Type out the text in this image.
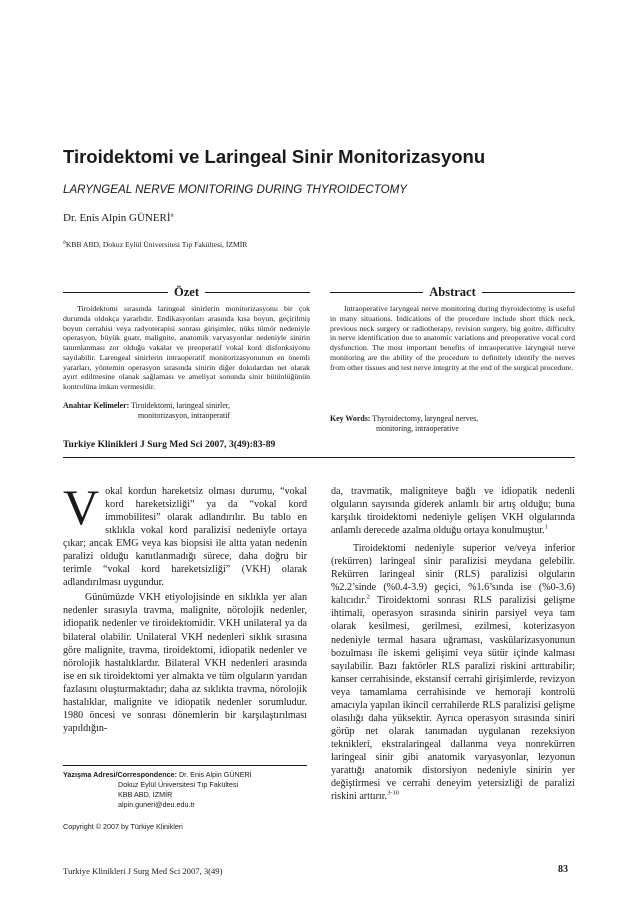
Tiroidektomi ve Laringeal Sinir Monitorizasyonu
LARYNGEAL NERVE MONITORING DURING THYROIDECTOMY
Dr. Enis Alpin GÜNERİ$^a$
aKBB ABD, Dokuz Eylül Üniversitesi Tıp Fakültesi, İZMİR
Özet
Tiroidektomi sırasında laringeal sinirlerin monitorizasyonu bir çok durumda oldukça yararlıdır. Endikasyonları arasında kısa boyun, geçirilmiş boyun cerrahisi veya radyoterapisi sonrası girişimler, nüks tümör nedeniyle operasyon, büyük guatr, malignite, anatomik varyasyonlar nedeniyle sinirin tanımlanması zor olduğu vakalar ve preoperatif vokal kord disfonksiyonu sayılabilir. Larengeal sinirlerin intraoperatif monitorizasyonunun en önemli yararları, yöntemin operasyon sırasında sinirin diğer dokulardan net olarak ayırt edilmesine olanak sağlaması ve ameliyat sonunda sinir bütünlüğünün kontrolüna imkan vermesidir.
Anahtar Kelimeler: Tiroidektomi, laringeal sinirler,
monitorizasyon, intraoperatif
Abstract
Intraoperative laryngeal nerve monitoring during thyroidectomy is useful in many situations. Indications of the procedure include short thick neck, previous neck surgery or radiotherapy, revision surgery, big goitre, difficulty in nerve identification due to anatomic variations and preoperative vocal cord dysfunction. The most important benefits of intraoperative laryngeal nerve monitoring are the ability of the procedure to definitely identify the nerves from other tissues and test nerve integrity at the end of the surgical procedure.
Key Words: Thyroidectomy, laryngeal nerves,
monitoring, intraoperative
Turkiye Klinikleri J Surg Med Sci 2007, 3(49):83-89

Vokal kordun hareketsiz olması durumu, “vokal kord hareketsizliği” ya da “vokal kord immobilitesi” olarak adlandırılır. Bu tablo en sıklıkla vokal kord paralizisi nedeniyle ortaya çıkar; ancak EMG veya kas biopsisi ile altta yatan nedenin paralizi olduğu kanıtlanmadığı sürece, daha doğru bir terimle “vokal kord hareketsizliği” (VKH) olarak adlandırılması uygundur.

Günümüzde VKH etiyolojisinde en sıklıkla yer alan nedenler sırasıyla travma, malignite, nörolojik nedenler, idiopatik nedenler ve tiroidektomidir. VKH unilateral ya da bilateral olabilir. Unilateral VKH nedenleri sıklık sırasına göre malignite, travma, tiroidektomi, idiopatik nedenler ve nörolojik hastalıklardır. Bilateral VKH nedenleri arasında ise en sık tiroidektomi yer almakta ve tüm olguların yarıdan fazlasını oluşturmaktadır; daha az sıklıkta travma, nörolojik hastalıklar, malignite ve idiopatik nedenler sorumludur. 1980 öncesi ve sonrası dönemlerin bir karşılaştırılması yapıldığın-

Yazışma Adresi/Correspondence: Dr. Enis Alpin GÜNERİ
Dokuz Eylül Üniversitesi Tıp Fakültesi
KBB ABD, İZMİR
alpin.guneri@deu.edu.tr
Copyright © 2007 by Türkiye Klinikleri

da, travmatik, maligniteye bağlı ve idiopatik nedenli olguların sayısında giderek anlamlı bir artış olduğu; buna karşılık tiroidektomi nedeniyle gelişen VKH olgularında anlamlı derecede azalma olduğu ortaya konulmuştur.$^1$

Tiroidektomi nedeniyle superior ve/veya inferior (rekürren) laringeal sinir paralizisi meydana gelebilir. Rekürren laringeal sinir (RLS) paralizisi olguların %2.2’sinde (%0.4-3.9) geçici, %1.6’sında ise (%0-3.6) kalıcıdır.$^2$ Tiroidektomi sonrası RLS paralizisi gelişme ihtimali, operasyon sırasında sinirin parsiyel veya tam olarak kesilmesi, gerilmesi, ezilmesi, koterizasyon nedeniyle termal hasara uğraması, vaskülarizasyonunun bozulması ile iskemi gelişimi veya sütür içinde kalması sayılabilir. Bazı faktörler RLS paralizi riskini arttırabilir; kanser cerrahisinde, ekstansif cerrahi girişimlerde, revizyon veya tamamlama cerrahisinde ve hemoraji kontrolü amacıyla yapılan ikincil cerrahilerde RLS paralizisi gelişme olasılığı daha yüksektir. Ayrıca operasyon sırasında siniri görüp net olarak tanımadan uygulanan rezeksiyon teknikleri, ekstralaringeal dallanma veya nonrekürren laringeal sinir gibi anatomik varyasyonlar, lezyonun yarattığı anatomik distorsiyon nedeniyle sinirin yer değiştirmesi ve cerrahi deneyim yetersizliği de paralizi riskini arttırır.$^{3-10}$

Turkiye Klinikleri J Surg Med Sci 2007, 3(49)	83
